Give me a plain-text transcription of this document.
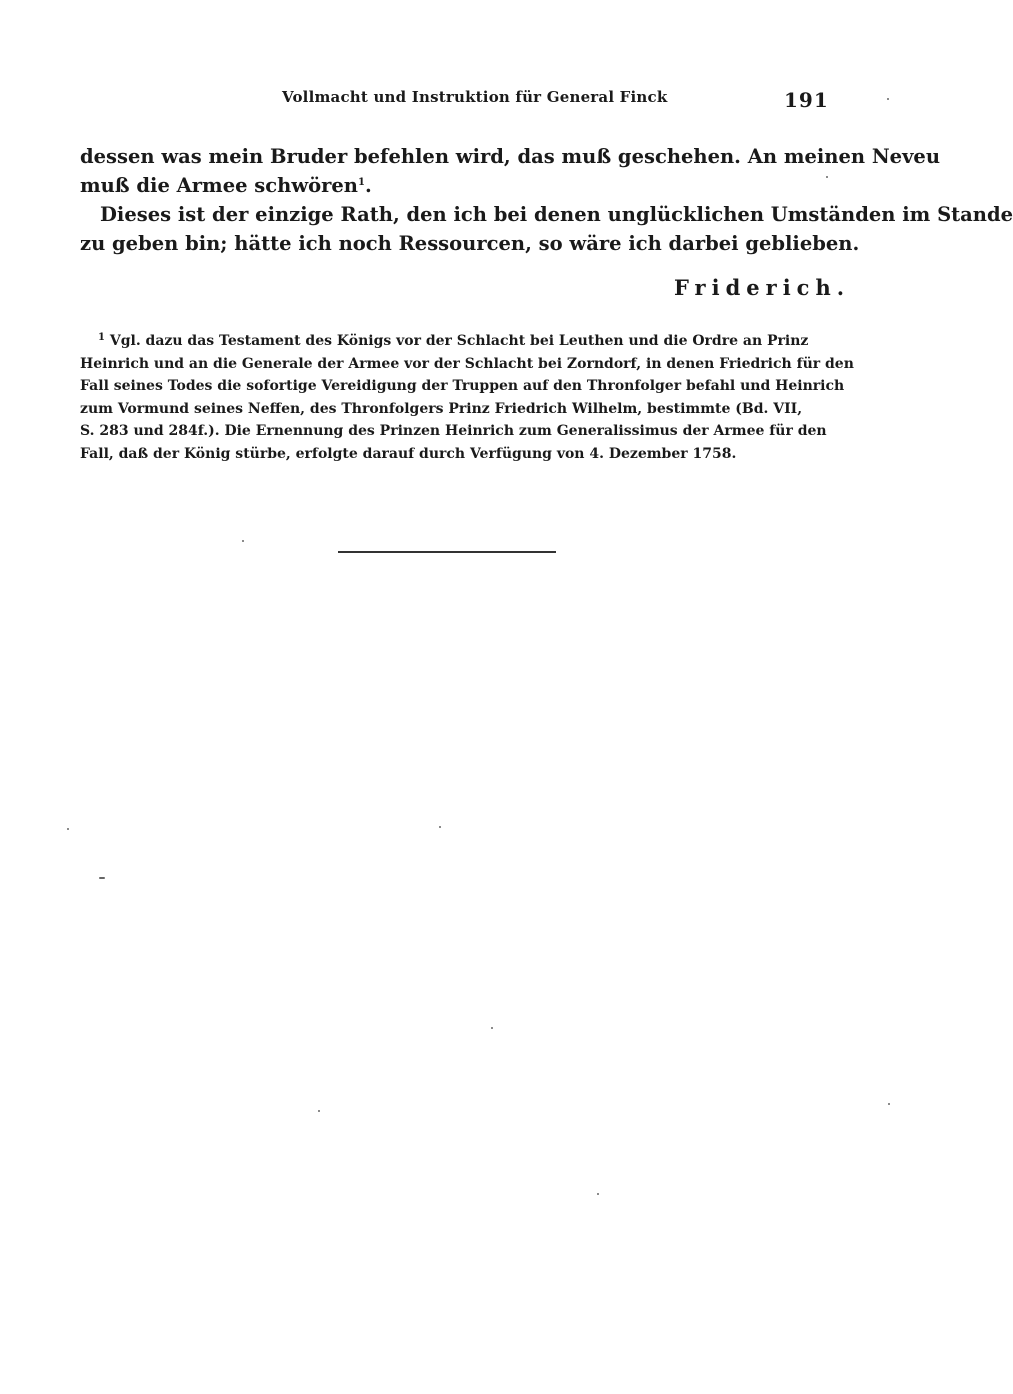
Vollmacht und Instruktion für General Finck	191
dessen was mein Bruder befehlen wird, das muß geschehen. An meinen Neveu
muß die Armee schwören$^1$.
Dieses ist der einzige Rath, den ich bei denen unglücklichen Umständen im Stande
zu geben bin; hätte ich noch Ressourcen, so wäre ich darbei geblieben.
Friderich.
$^1$ Vgl. dazu das Testament des Königs vor der Schlacht bei Leuthen und die Ordre an Prinz
Heinrich und an die Generale der Armee vor der Schlacht bei Zorndorf, in denen Friedrich für den
Fall seines Todes die sofortige Vereidigung der Truppen auf den Thronfolger befahl und Heinrich
zum Vormund seines Neffen, des Thronfolgers Prinz Friedrich Wilhelm, bestimmte (Bd. VII,
S. 283 und 284f.). Die Ernennung des Prinzen Heinrich zum Generalissimus der Armee für den
Fall, daß der König stürbe, erfolgte darauf durch Verfügung von 4. Dezember 1758.
